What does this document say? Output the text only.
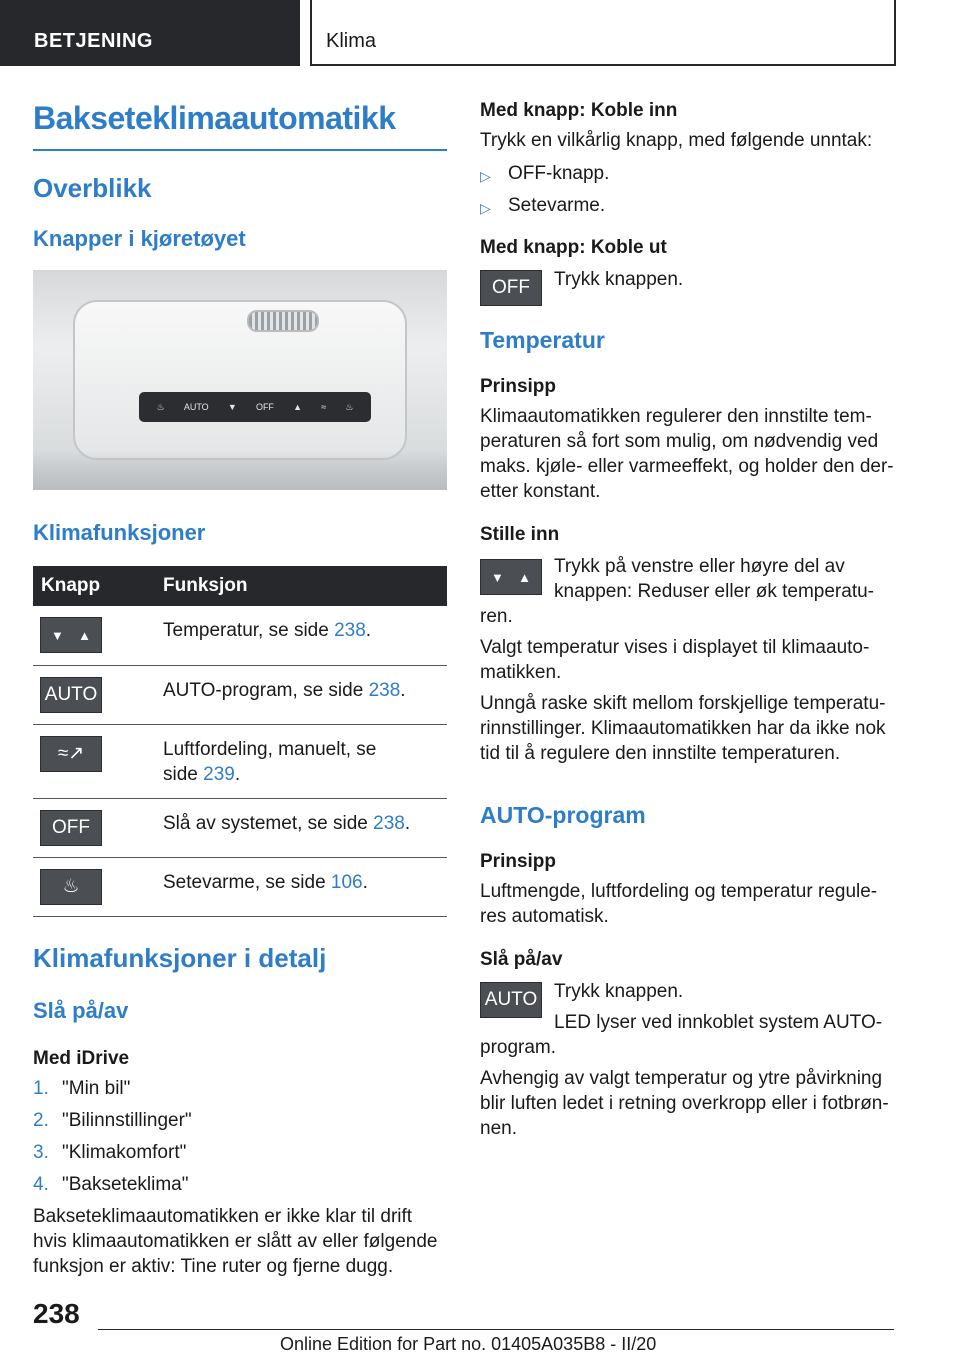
BETJENING	Klima
Bakseteklimaautomatikk
Overblikk
Knapper i kjøretøyet
♨ AUTO ▼ OFF ▲ ≈ ♨
Klimafunksjoner
Knapp	Funksjon

▼ ▲	Temperatur, se side 238.

AUTO	AUTO-program, se side 238.

≈↗	Luftfordeling, manuelt, se
side 239.

OFF	Slå av systemet, se side 238.

♨	Setevarme, se side 106.
Klimafunksjoner i detalj
Slå på/av
Med iDrive
1. "Min bil"
2. "Bilinnstillinger"
3. "Klimakomfort"
4. "Bakseteklima"

Bakseteklimaautomatikken er ikke klar til drift
hvis klimaautomatikken er slått av eller følgende
funksjon er aktiv: Tine ruter og fjerne dugg.

Med knapp: Koble inn

Trykk en vilkårlig knapp, med følgende unntak:

▷ OFF-knapp.
▷ Setevarme.
Med knapp: Koble ut
OFF	Trykk knappen.

Temperatur
Prinsipp

Klimaautomatikken regulerer den innstilte tem-
peraturen så fort som mulig, om nødvendig ved
maks. kjøle- eller varmeeffekt, og holder den der-
etter konstant.

Stille inn
▼ ▲	Trykk på venstre eller høyre del av
knappen: Reduser eller øk temperatu-

ren.

Valgt temperatur vises i displayet til klimaauto-
matikken.

Unngå raske skift mellom forskjellige temperatu-
rinnstillinger. Klimaautomatikken har da ikke nok
tid til å regulere den innstilte temperaturen.

AUTO-program
Prinsipp

Luftmengde, luftfordeling og temperatur regule-
res automatisk.

Slå på/av
AUTO Trykk knappen.

LED lyser ved innkoblet system AUTO-

program.

Avhengig av valgt temperatur og ytre påvirkning
blir luften ledet i retning overkropp eller i fotbrøn-
nen.

238
Online Edition for Part no. 01405A035B8 - II/20
